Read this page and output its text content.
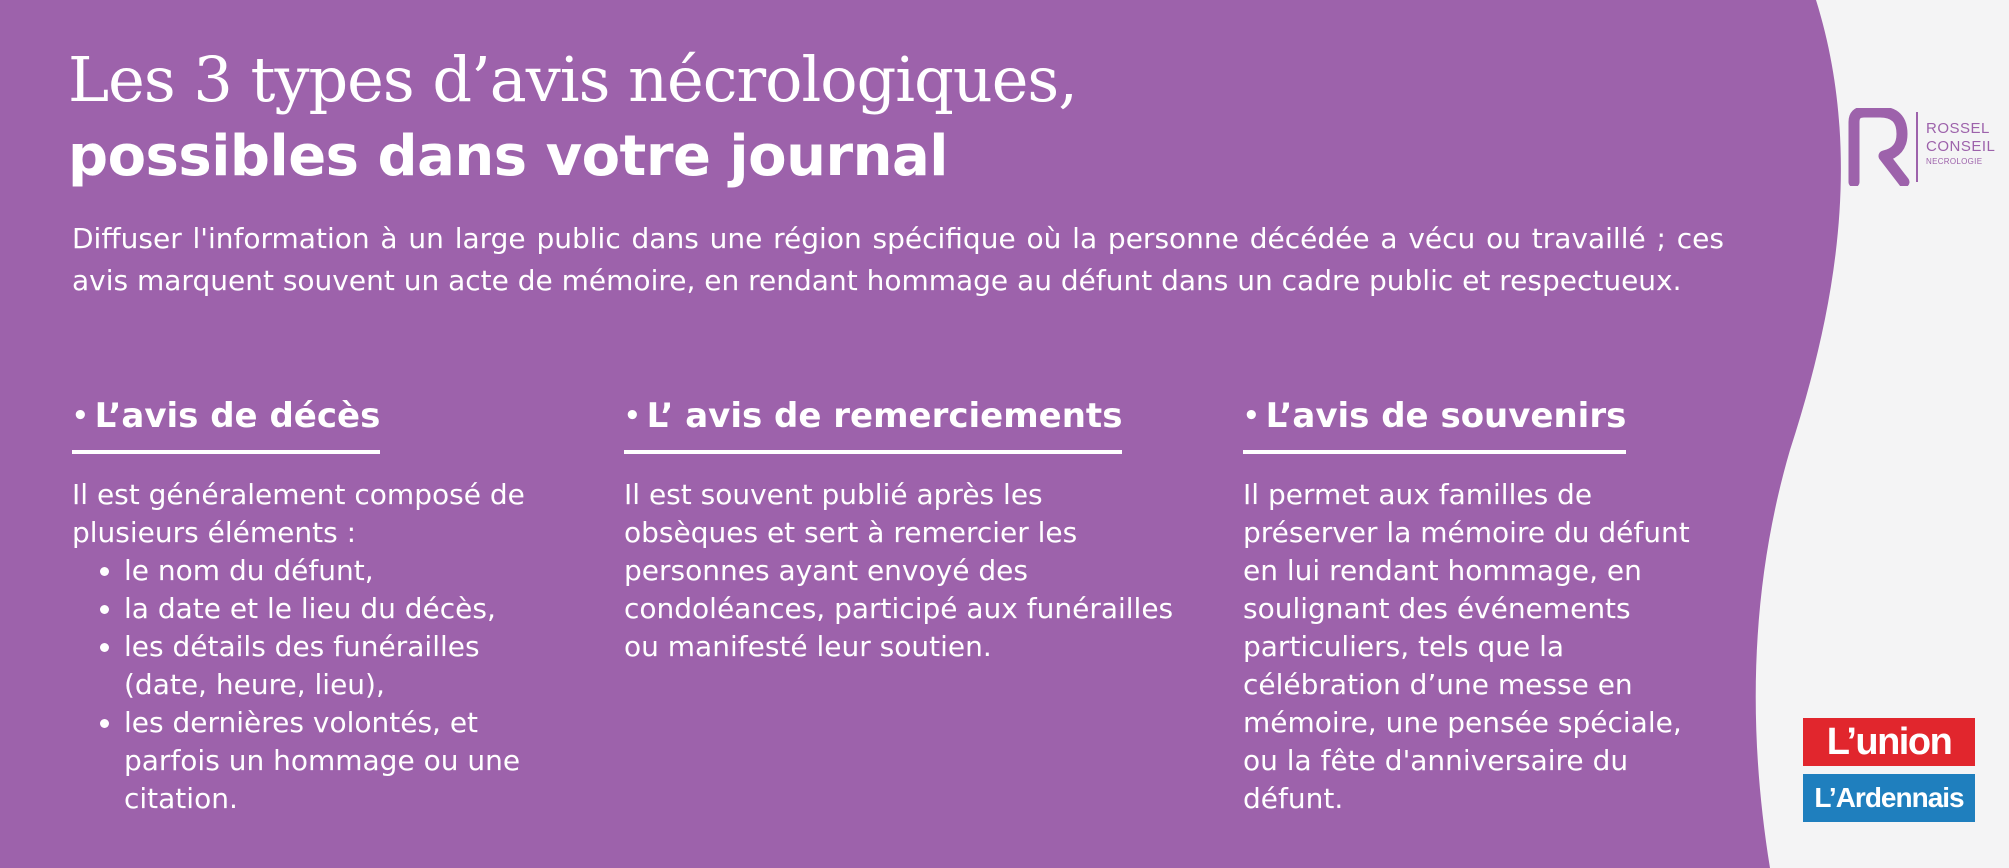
Les 3 types d’avis nécrologiques,
possibles dans votre journal

Diffuser l'information à un large public dans une région spécifique où la personne décédée a vécu ou travaillé ; ces avis marquent souvent un acte de mémoire, en rendant hommage au défunt dans un cadre public et respectueux.

• L’avis de décès

Il est généralement composé de plusieurs éléments :

• le nom du défunt,
• la date et le lieu du décès,
• les détails des funérailles (date, heure, lieu),
• les dernières volontés, et parfois un hommage ou une citation.
• L’ avis de remerciements

Il est souvent publié après les obsèques et sert à remercier les personnes ayant envoyé des condoléances, participé aux funérailles ou manifesté leur soutien.

• L’avis de souvenirs

Il permet aux familles de préserver la mémoire du défunt en lui rendant hommage, en soulignant des événements particuliers, tels que la célébration d’une messe en mémoire, une pensée spéciale, ou la fête d'anniversaire du défunt.

ROSSEL
CONSEIL
NECROLOGIE
L’union
L’Ardennais
